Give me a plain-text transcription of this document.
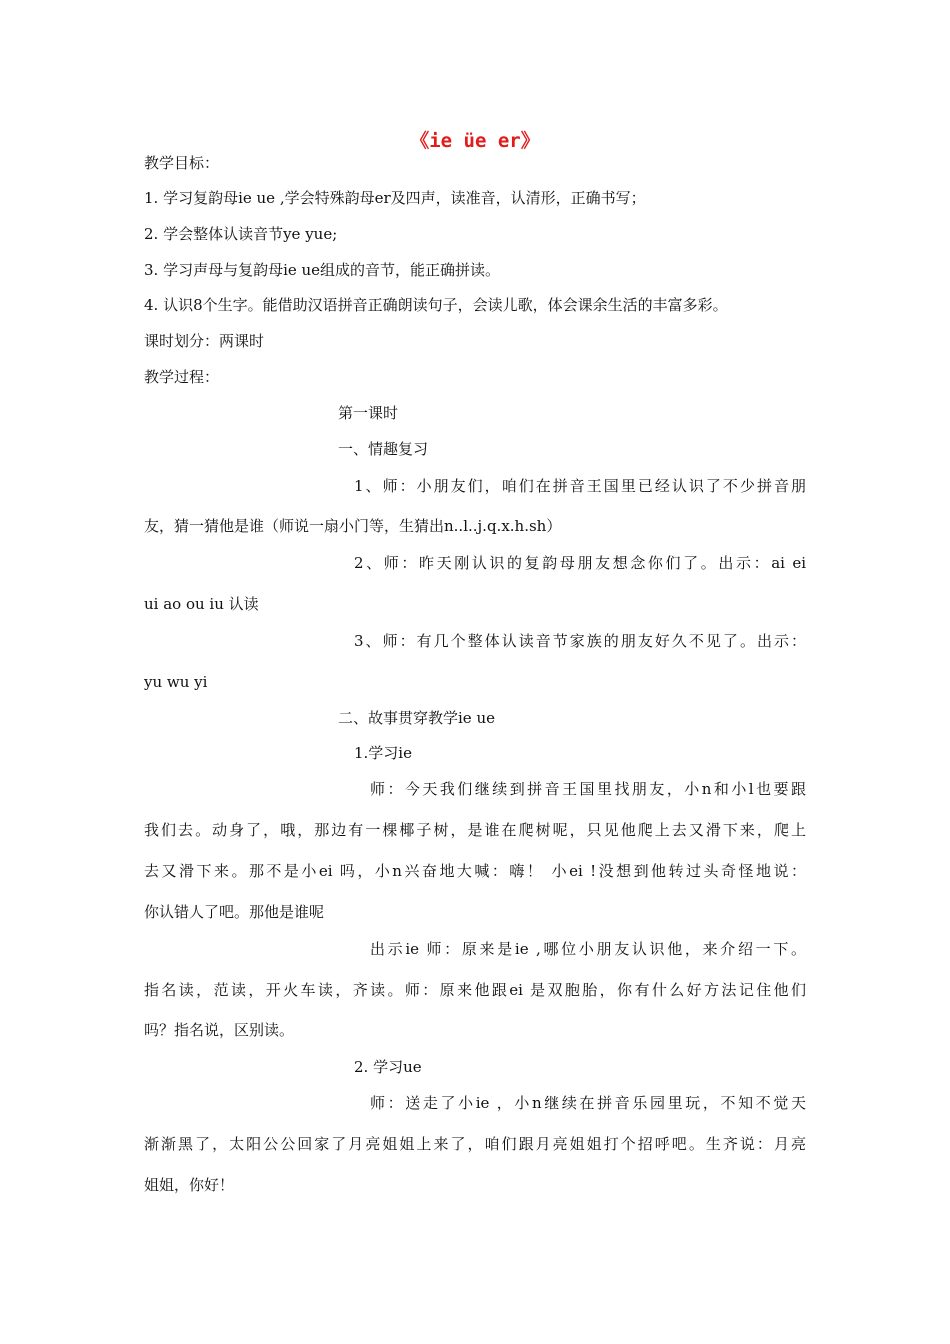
《ie üe er》
教学目标：
1. 学习复韵母ie ue ,学会特殊韵母er及四声，读准音，认清形，正确书写；
2. 学会整体认读音节ye yue;
3. 学习声母与复韵母ie ue组成的音节，能正确拼读。
4. 认识8个生字。能借助汉语拼音正确朗读句子，会读儿歌，体会课余生活的丰富多彩。
课时划分：两课时
教学过程：
第一课时
一、情趣复习
1、师：小朋友们，咱们在拼音王国里已经认识了不少拼音朋
友，猜一猜他是谁（师说一扇小门等，生猜出n..l..j.q.x.h.sh）
2、师：昨天刚认识的复韵母朋友想念你们了。出示：ai ei
ui ao ou iu 认读
3、师：有几个整体认读音节家族的朋友好久不见了。出示：
yu wu yi
二、故事贯穿教学ie ue
1.学习ie
师：今天我们继续到拼音王国里找朋友，小n和小l也要跟
我们去。动身了，哦，那边有一棵椰子树，是谁在爬树呢，只见他爬上去又滑下来，爬上
去又滑下来。那不是小ei 吗，小n兴奋地大喊：嗨！ 小ei !没想到他转过头奇怪地说：
你认错人了吧。那他是谁呢
出示ie 师：原来是ie ,哪位小朋友认识他，来介绍一下。
指名读，范读，开火车读，齐读。师：原来他跟ei 是双胞胎，你有什么好方法记住他们
吗？指名说，区别读。
2. 学习ue
师：送走了小ie ，小n继续在拼音乐园里玩，不知不觉天
渐渐黑了，太阳公公回家了月亮姐姐上来了，咱们跟月亮姐姐打个招呼吧。生齐说：月亮
姐姐，你好！
